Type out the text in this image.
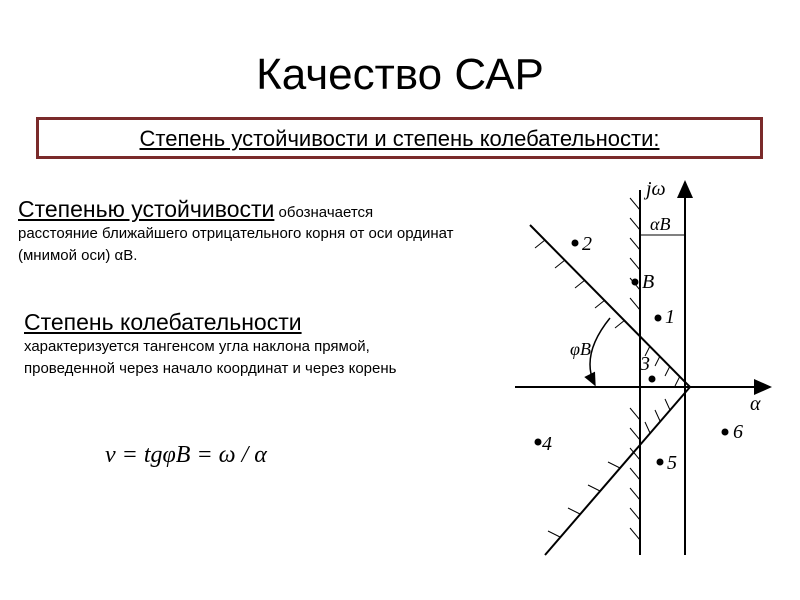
Качество САР
Степень устойчивости и степень колебательности:
Степенью устойчивости обозначается
расстояние ближайшего отрицательного корня от оси ординат (мнимой оси) αВ.
Степень колебательности
характеризуется тангенсом угла наклона прямой, проведенной через начало координат и через корень
ν = tgφB = ω / α
αB
φB
jω
α
2
B
1
3
4
5
6
